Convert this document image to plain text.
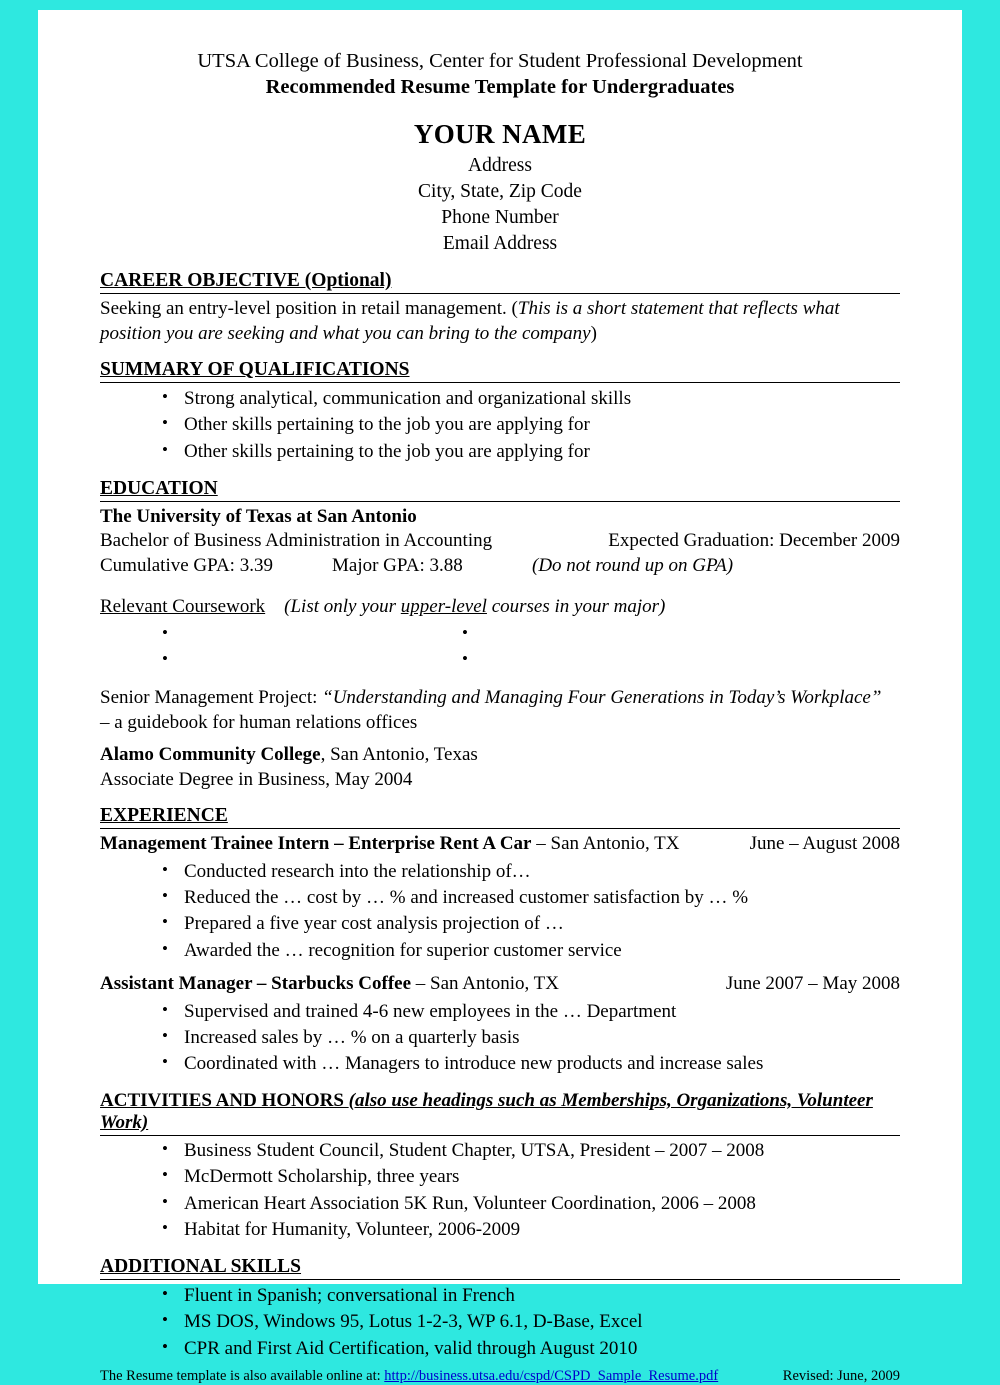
UTSA College of Business, Center for Student Professional Development
Recommended Resume Template for Undergraduates
YOUR NAME
Address
City, State, Zip Code
Phone Number
Email Address
CAREER OBJECTIVE (Optional)
Seeking an entry-level position in retail management. (This is a short statement that reflects what position you are seeking and what you can bring to the company)
SUMMARY OF QUALIFICATIONS
• Strong analytical, communication and organizational skills
• Other skills pertaining to the job you are applying for
• Other skills pertaining to the job you are applying for
EDUCATION
The University of Texas at San Antonio
Bachelor of Business Administration in Accounting	Expected Graduation: December 2009
Cumulative GPA: 3.39	Major GPA: 3.88	(Do not round up on GPA)
Relevant Coursework (List only your upper-level courses in your major)
•
•
•
•
Senior Management Project: “Understanding and Managing Four Generations in Today’s Workplace”
– a guidebook for human relations offices
Alamo Community College, San Antonio, Texas
Associate Degree in Business, May 2004
EXPERIENCE
Management Trainee Intern – Enterprise Rent A Car – San Antonio, TX	June – August 2008
• Conducted research into the relationship of…
• Reduced the … cost by … % and increased customer satisfaction by … %
• Prepared a five year cost analysis projection of …
• Awarded the … recognition for superior customer service
Assistant Manager – Starbucks Coffee – San Antonio, TX	June 2007 – May 2008
• Supervised and trained 4-6 new employees in the … Department
• Increased sales by … % on a quarterly basis
• Coordinated with … Managers to introduce new products and increase sales
ACTIVITIES AND HONORS (also use headings such as Memberships, Organizations, Volunteer Work)
• Business Student Council, Student Chapter, UTSA, President – 2007 – 2008
• McDermott Scholarship, three years
• American Heart Association 5K Run, Volunteer Coordination, 2006 – 2008
• Habitat for Humanity, Volunteer, 2006-2009
ADDITIONAL SKILLS
• Fluent in Spanish; conversational in French
• MS DOS, Windows 95, Lotus 1-2-3, WP 6.1, D-Base, Excel
• CPR and First Aid Certification, valid through August 2010
The Resume template is also available online at: http://business.utsa.edu/cspd/CSPD_Sample_Resume.pdf	Revised: June, 2009
